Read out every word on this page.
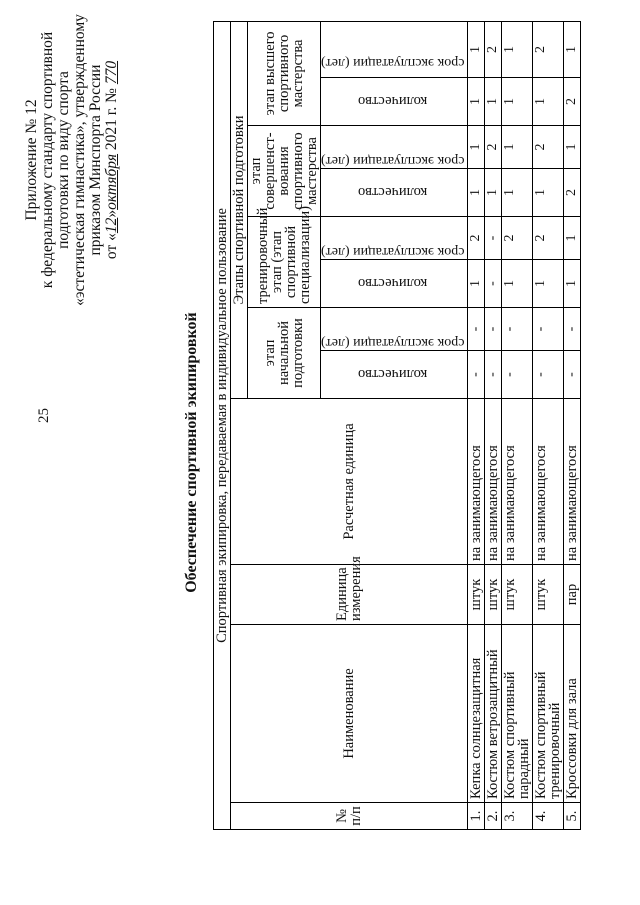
25
Приложение № 12 к федеральному стандарту спортивной подготовки по виду спорта «эстетическая гимнастика», утвержденному приказом Минспорта России от «12»октября 2021 г. № 770
Обеспечение спортивной экипировкой Спортивная экипировка, передаваемая в индивидуальное пользование											
№ п/п	Наименование	Единица измерения	Расчетная единица	Этапы спортивной подготовки							
				этап начальной подготовки		тренировочный этап (этап спортивной специализации)		этап совершенст-вования спортивного мастерства		этап высшего спортивного мастерства	
				количество	срок эксплуатации (лет)	количество	срок эксплуатации (лет)	количество	срок эксплуатации (лет)	количество	срок эксплуатации (лет)
1.	Кепка солнцезащитная	штук	на занимающегося	-	-	1	2	1	1	1	1
2.	Костюм ветрозащитный	штук	на занимающегося	-	-	-	-	1	2	1	2
3.	Костюм спортивный парадный	штук	на занимающегося	-	-	1	2	1	1	1	1
4.	Костюм спортивный тренировочный	штук	на занимающегося	-	-	1	2	1	2	1	2
5.	Кроссовки для зала	пар	на занимающегося	-	-	1	1	2	1	2	1
